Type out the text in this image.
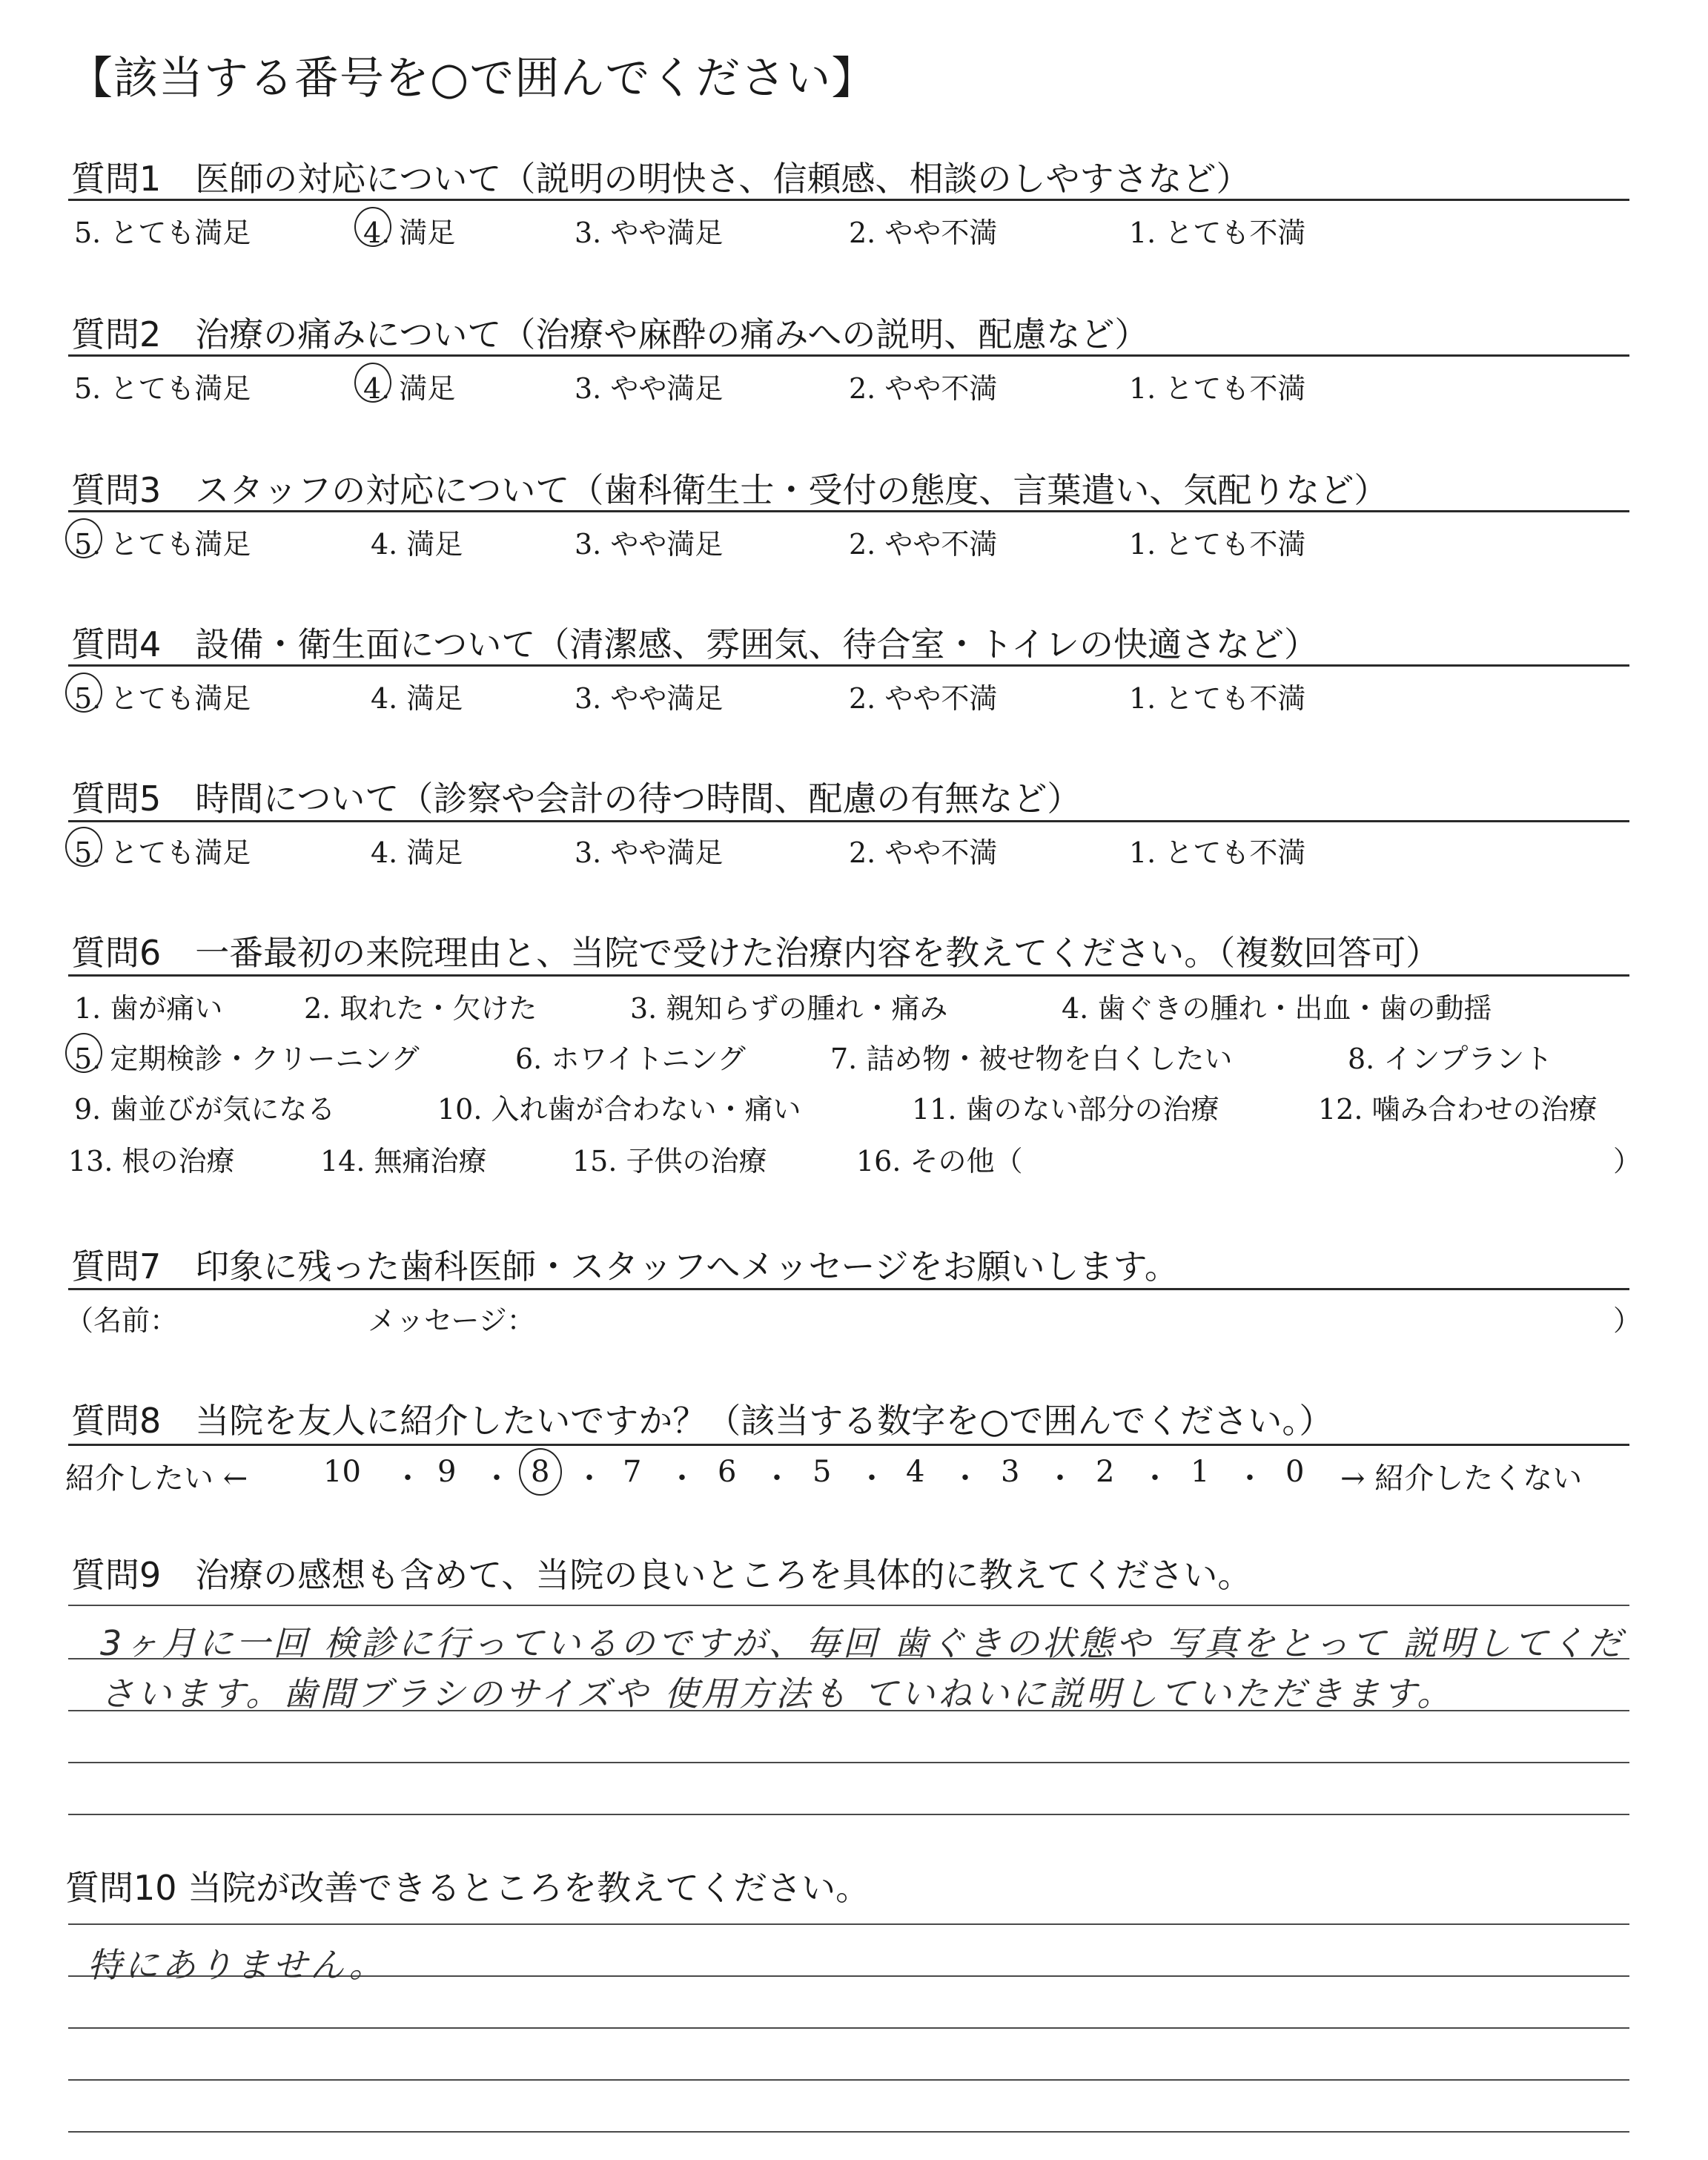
【該当する番号を○で囲んでください】
質問1　医師の対応について（説明の明快さ、信頼感、相談のしやすさなど）
5. とても満足	4. 満足	3. やや満足	2. やや不満	1. とても不満
質問2　治療の痛みについて（治療や麻酔の痛みへの説明、配慮など）
5. とても満足	4. 満足	3. やや満足	2. やや不満	1. とても不満
質問3　スタッフの対応について（歯科衛生士・受付の態度、言葉遣い、気配りなど）
5. とても満足	4. 満足	3. やや満足	2. やや不満	1. とても不満
質問4　設備・衛生面について（清潔感、雰囲気、待合室・トイレの快適さなど）
5. とても満足	4. 満足	3. やや満足	2. やや不満	1. とても不満
質問5　時間について（診察や会計の待つ時間、配慮の有無など）
5. とても満足	4. 満足	3. やや満足	2. やや不満	1. とても不満
質問6　一番最初の来院理由と、当院で受けた治療内容を教えてください。（複数回答可）
1. 歯が痛い	2. 取れた・欠けた	3. 親知らずの腫れ・痛み	4. 歯ぐきの腫れ・出血・歯の動揺
5. 定期検診・クリーニング	6. ホワイトニング	7. 詰め物・被せ物を白くしたい	8. インプラント
9. 歯並びが気になる	10. 入れ歯が合わない・痛い	11. 歯のない部分の治療	12. 噛み合わせの治療
13. 根の治療	14. 無痛治療	15. 子供の治療	16. その他（	）
質問7　印象に残った歯科医師・スタッフへメッセージをお願いします。
（名前：	メッセージ：	）
質問8　当院を友人に紹介したいですか？（該当する数字を○で囲んでください。）
紹介したい ←	10 ・ 9 ・ 8 ・ 7 ・ 6 ・ 5 ・ 4 ・ 3 ・ 2 ・ 1 ・ 0 → 紹介したくない
質問9　治療の感想も含めて、当院の良いところを具体的に教えてください。
3ヶ月に一回 検診に行っているのですが、毎回 歯ぐきの状態や 写真をとって 説明してくだ
さいます。歯間ブラシのサイズや 使用方法も ていねいに説明していただきます。
質問10 当院が改善できるところを教えてください。
特にありません。
